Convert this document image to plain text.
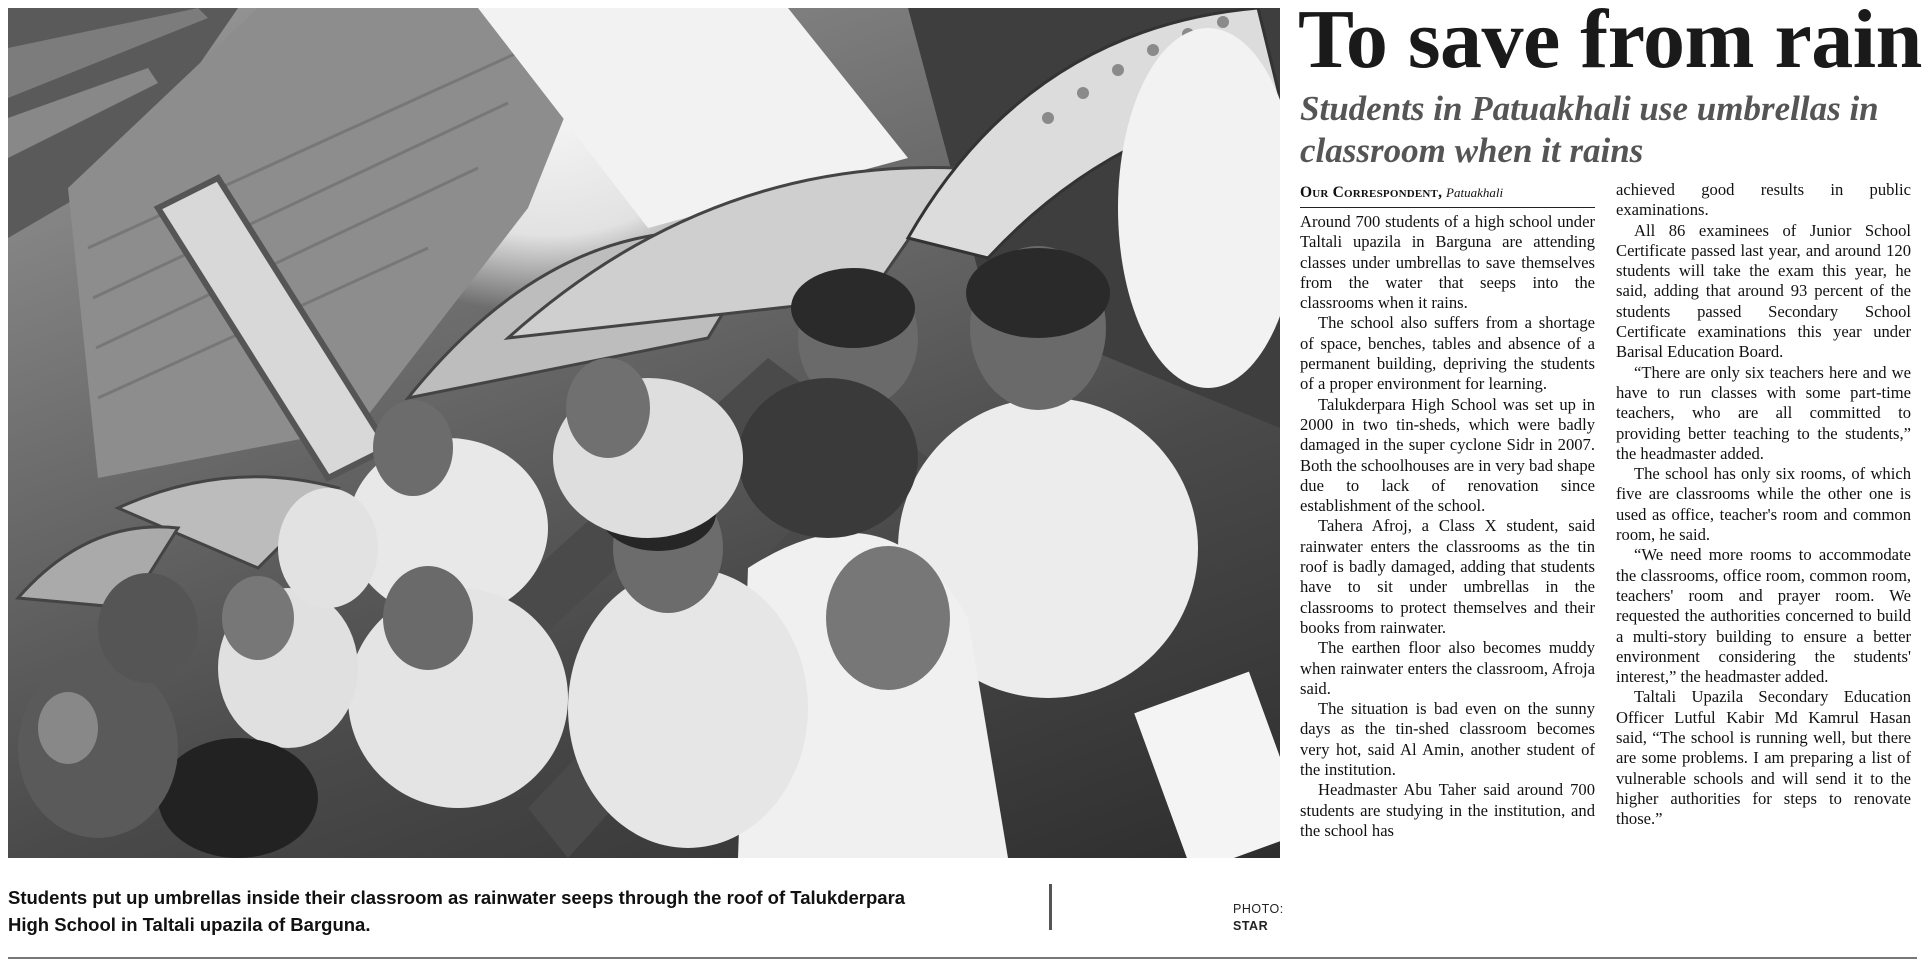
Students put up umbrellas inside their classroom as rainwater seeps through the roof of Talukderpara High School in Taltali upazila of Barguna.
PHOTO:
STAR
To save from rain
Students in Patuakhali use umbrellas in classroom when it rains
Our Correspondent, Patuakhali

Around 700 students of a high school under Taltali upazila in Barguna are attending classes under umbrellas to save themselves from the water that seeps into the classrooms when it rains.

The school also suffers from a shortage of space, benches, tables and absence of a permanent building, depriving the students of a proper environment for learning.

Talukderpara High School was set up in 2000 in two tin-sheds, which were badly damaged in the super cyclone Sidr in 2007. Both the schoolhouses are in very bad shape due to lack of renovation since establishment of the school.

Tahera Afroj, a Class X student, said rainwater enters the classrooms as the tin roof is badly damaged, adding that students have to sit under umbrellas in the classrooms to protect themselves and their books from rainwater.

The earthen floor also becomes muddy when rainwater enters the classroom, Afroja said.

The situation is bad even on the sunny days as the tin-shed classroom becomes very hot, said Al Amin, another student of the institution.

Headmaster Abu Taher said around 700 students are studying in the institution, and the school has

achieved good results in public examinations.

All 86 examinees of Junior School Certificate passed last year, and around 120 students will take the exam this year, he said, adding that around 93 percent of the students passed Secondary School Certificate examinations this year under Barisal Education Board.

“There are only six teachers here and we have to run classes with some part-time teachers, who are all committed to providing better teaching to the students,” the headmaster added.

The school has only six rooms, of which five are classrooms while the other one is used as office, teacher's room and common room, he said.

“We need more rooms to accommodate the classrooms, office room, common room, teachers' room and prayer room. We requested the authorities concerned to build a multi-story building to ensure a better environment considering the students' interest,” the headmaster added.

Taltali Upazila Secondary Education Officer Lutful Kabir Md Kamrul Hasan said, “The school is running well, but there are some problems. I am preparing a list of vulnerable schools and will send it to the higher authorities for steps to renovate those.”
